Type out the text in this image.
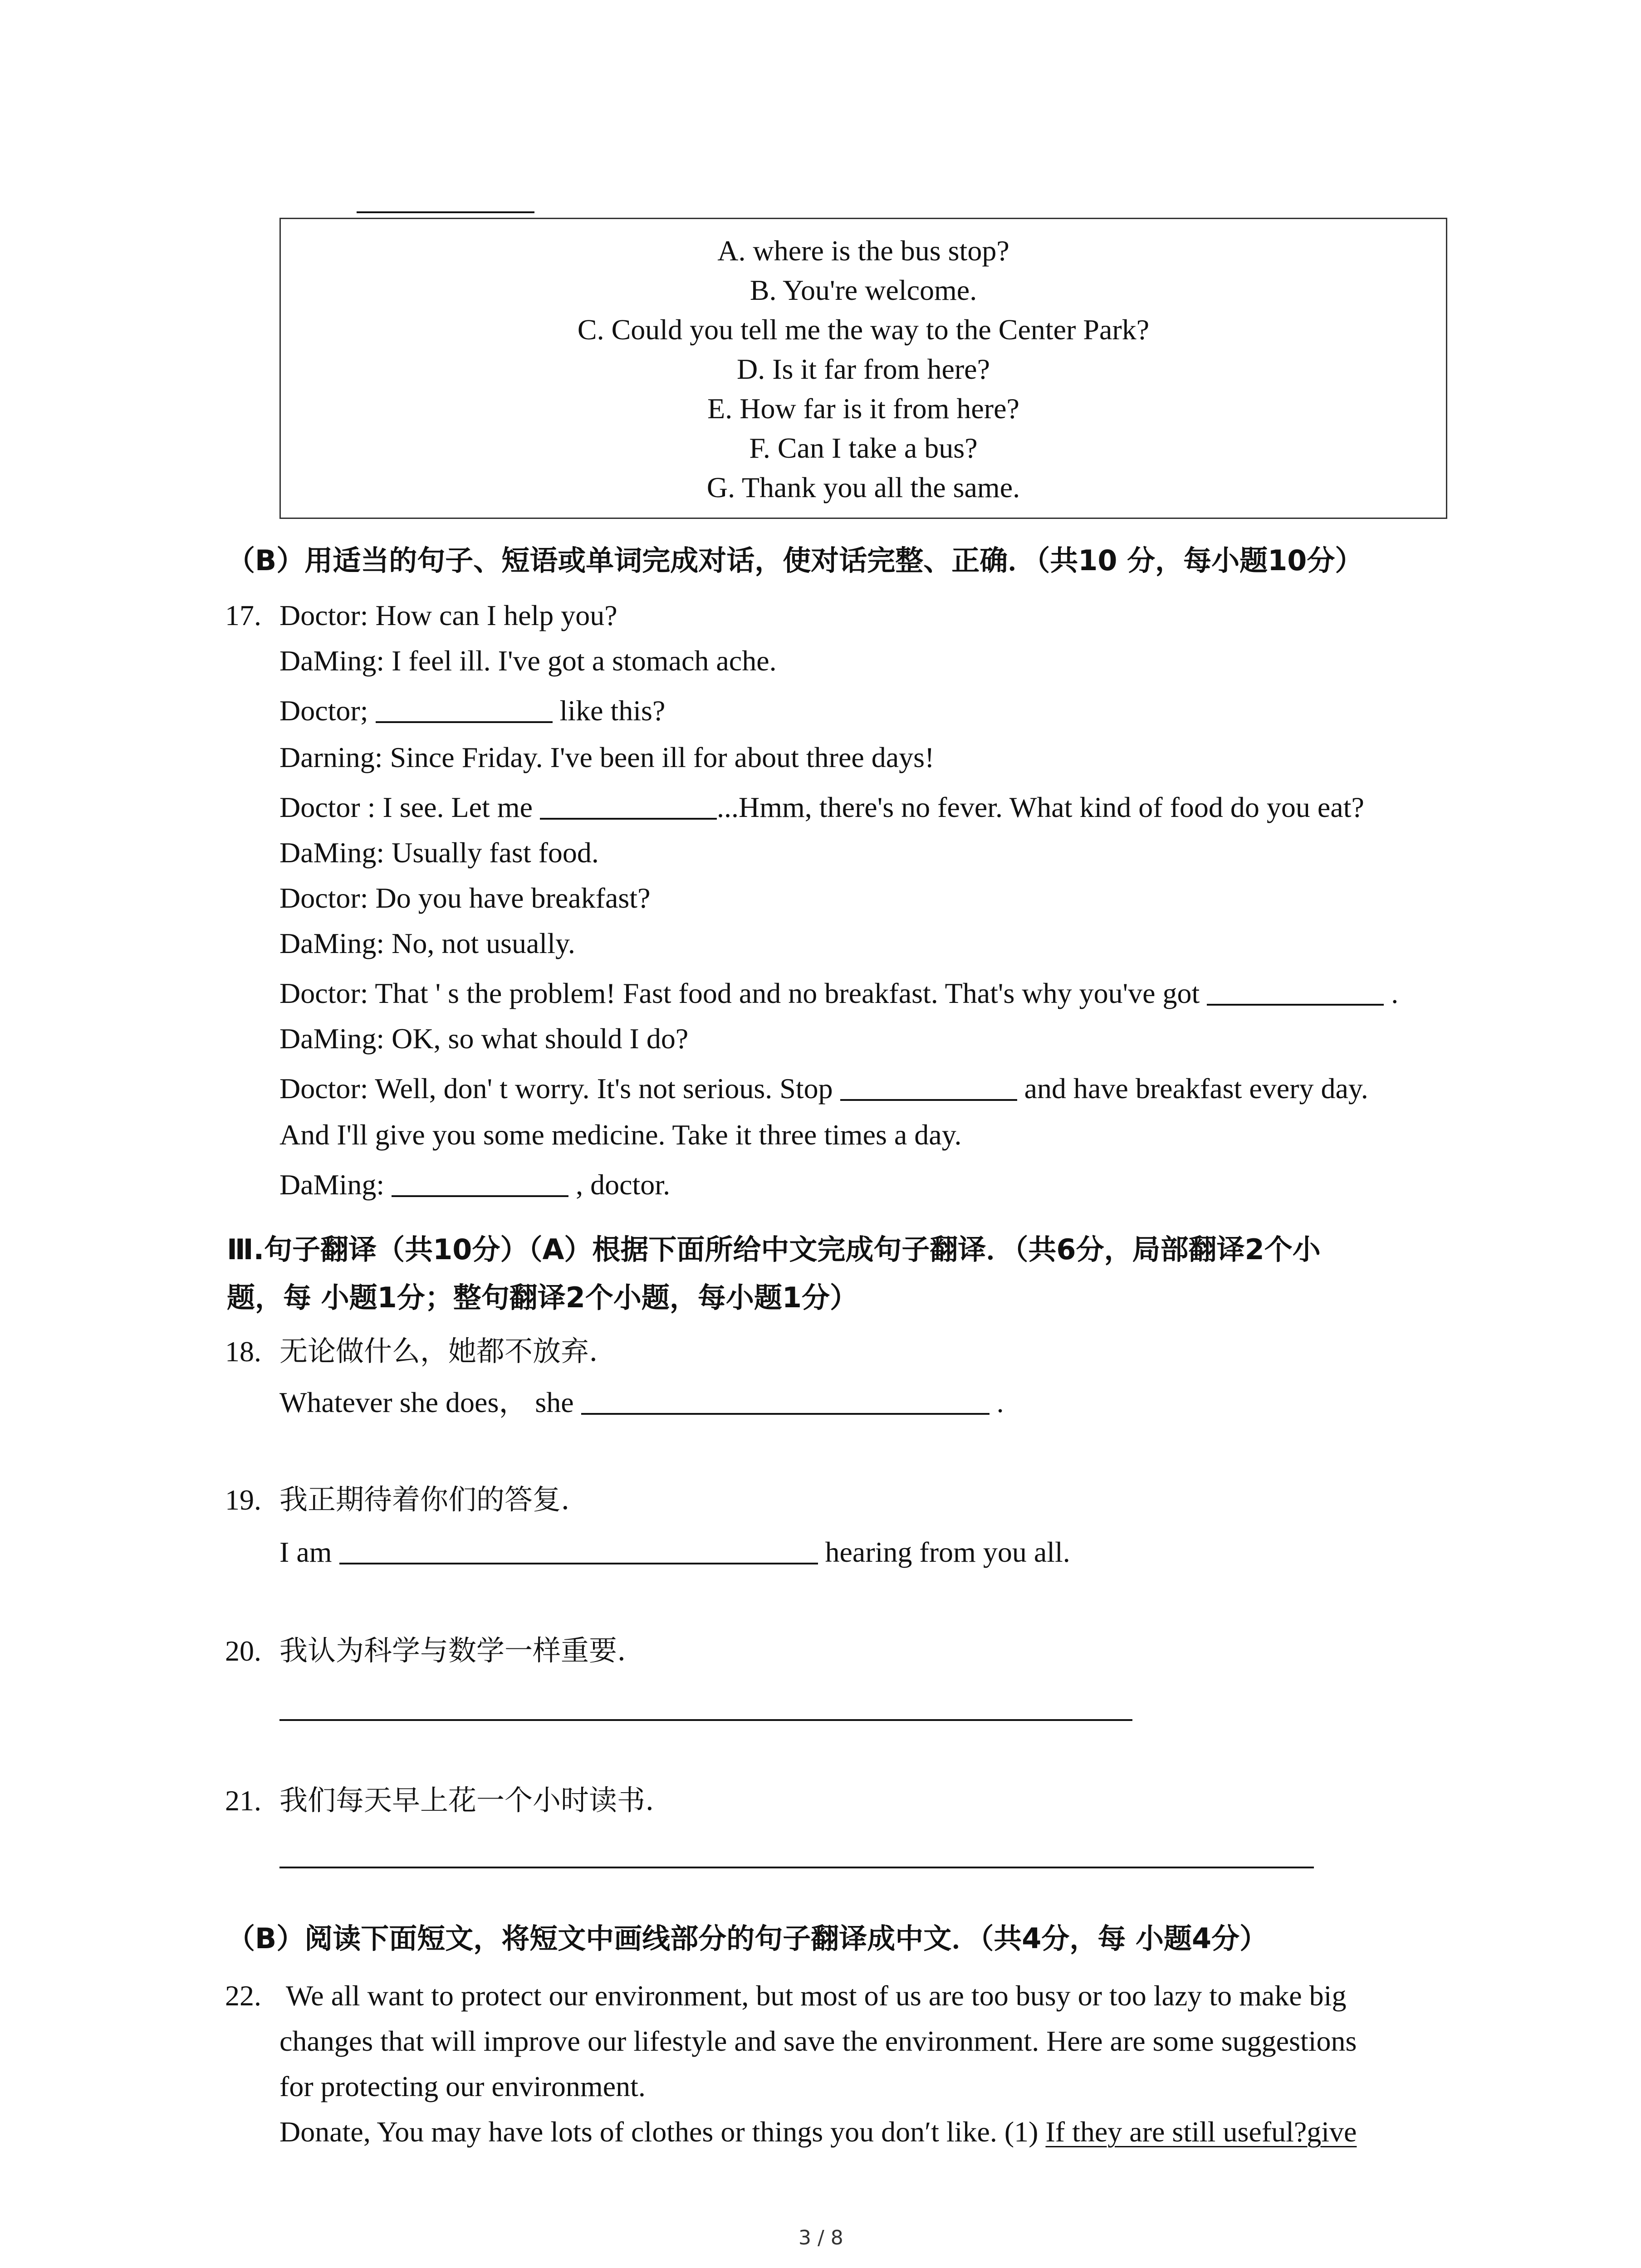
A. where is the bus stop?
B. You're welcome.
C. Could you tell me the way to the Center Park?
D. Is it far from here?
E. How far is it from here?
F. Can I take a bus?
G. Thank you all the same.
（B）用适当的句子、短语或单词完成对话，使对话完整、正确．（共10 分，每小题10分）
17. Doctor: How can I help you?
DaMing: I feel ill. I've got a stomach ache.
Doctor;	like this?
Darning: Since Friday. I've been ill for about three days!
Doctor : I see. Let me	...Hmm, there's no fever. What kind of food do you eat?
DaMing: Usually fast food.
Doctor: Do you have breakfast?
DaMing: No, not usually.
Doctor: That ' s the problem! Fast food and no breakfast. That's why you've got	.
DaMing: OK, so what should I do?
Doctor: Well, don' t worry. It's not serious. Stop	and have breakfast every day.
And I'll give you some medicine. Take it three times a day.
DaMing:	, doctor.
Ⅲ.句子翻译（共10分）（A）根据下面所给中文完成句子翻译．（共6分，局部翻译2个小
题，每 小题1分；整句翻译2个小题，每小题1分）
18. 无论做什么，她都不放弃.
Whatever she does， she	.
19. 我正期待着你们的答复.
I am	hearing from you all.
20. 我认为科学与数学一样重要.
21. 我们每天早上花一个小时读书.
（B）阅读下面短文，将短文中画线部分的句子翻译成中文．（共4分，每 小题4分）
22. We all want to protect our environment, but most of us are too busy or too lazy to make big
changes that will improve our lifestyle and save the environment. Here are some suggestions
for protecting our environment.
Donate, You may have lots of clothes or things you don′t like. (1) If they are still useful?give
3 / 8
